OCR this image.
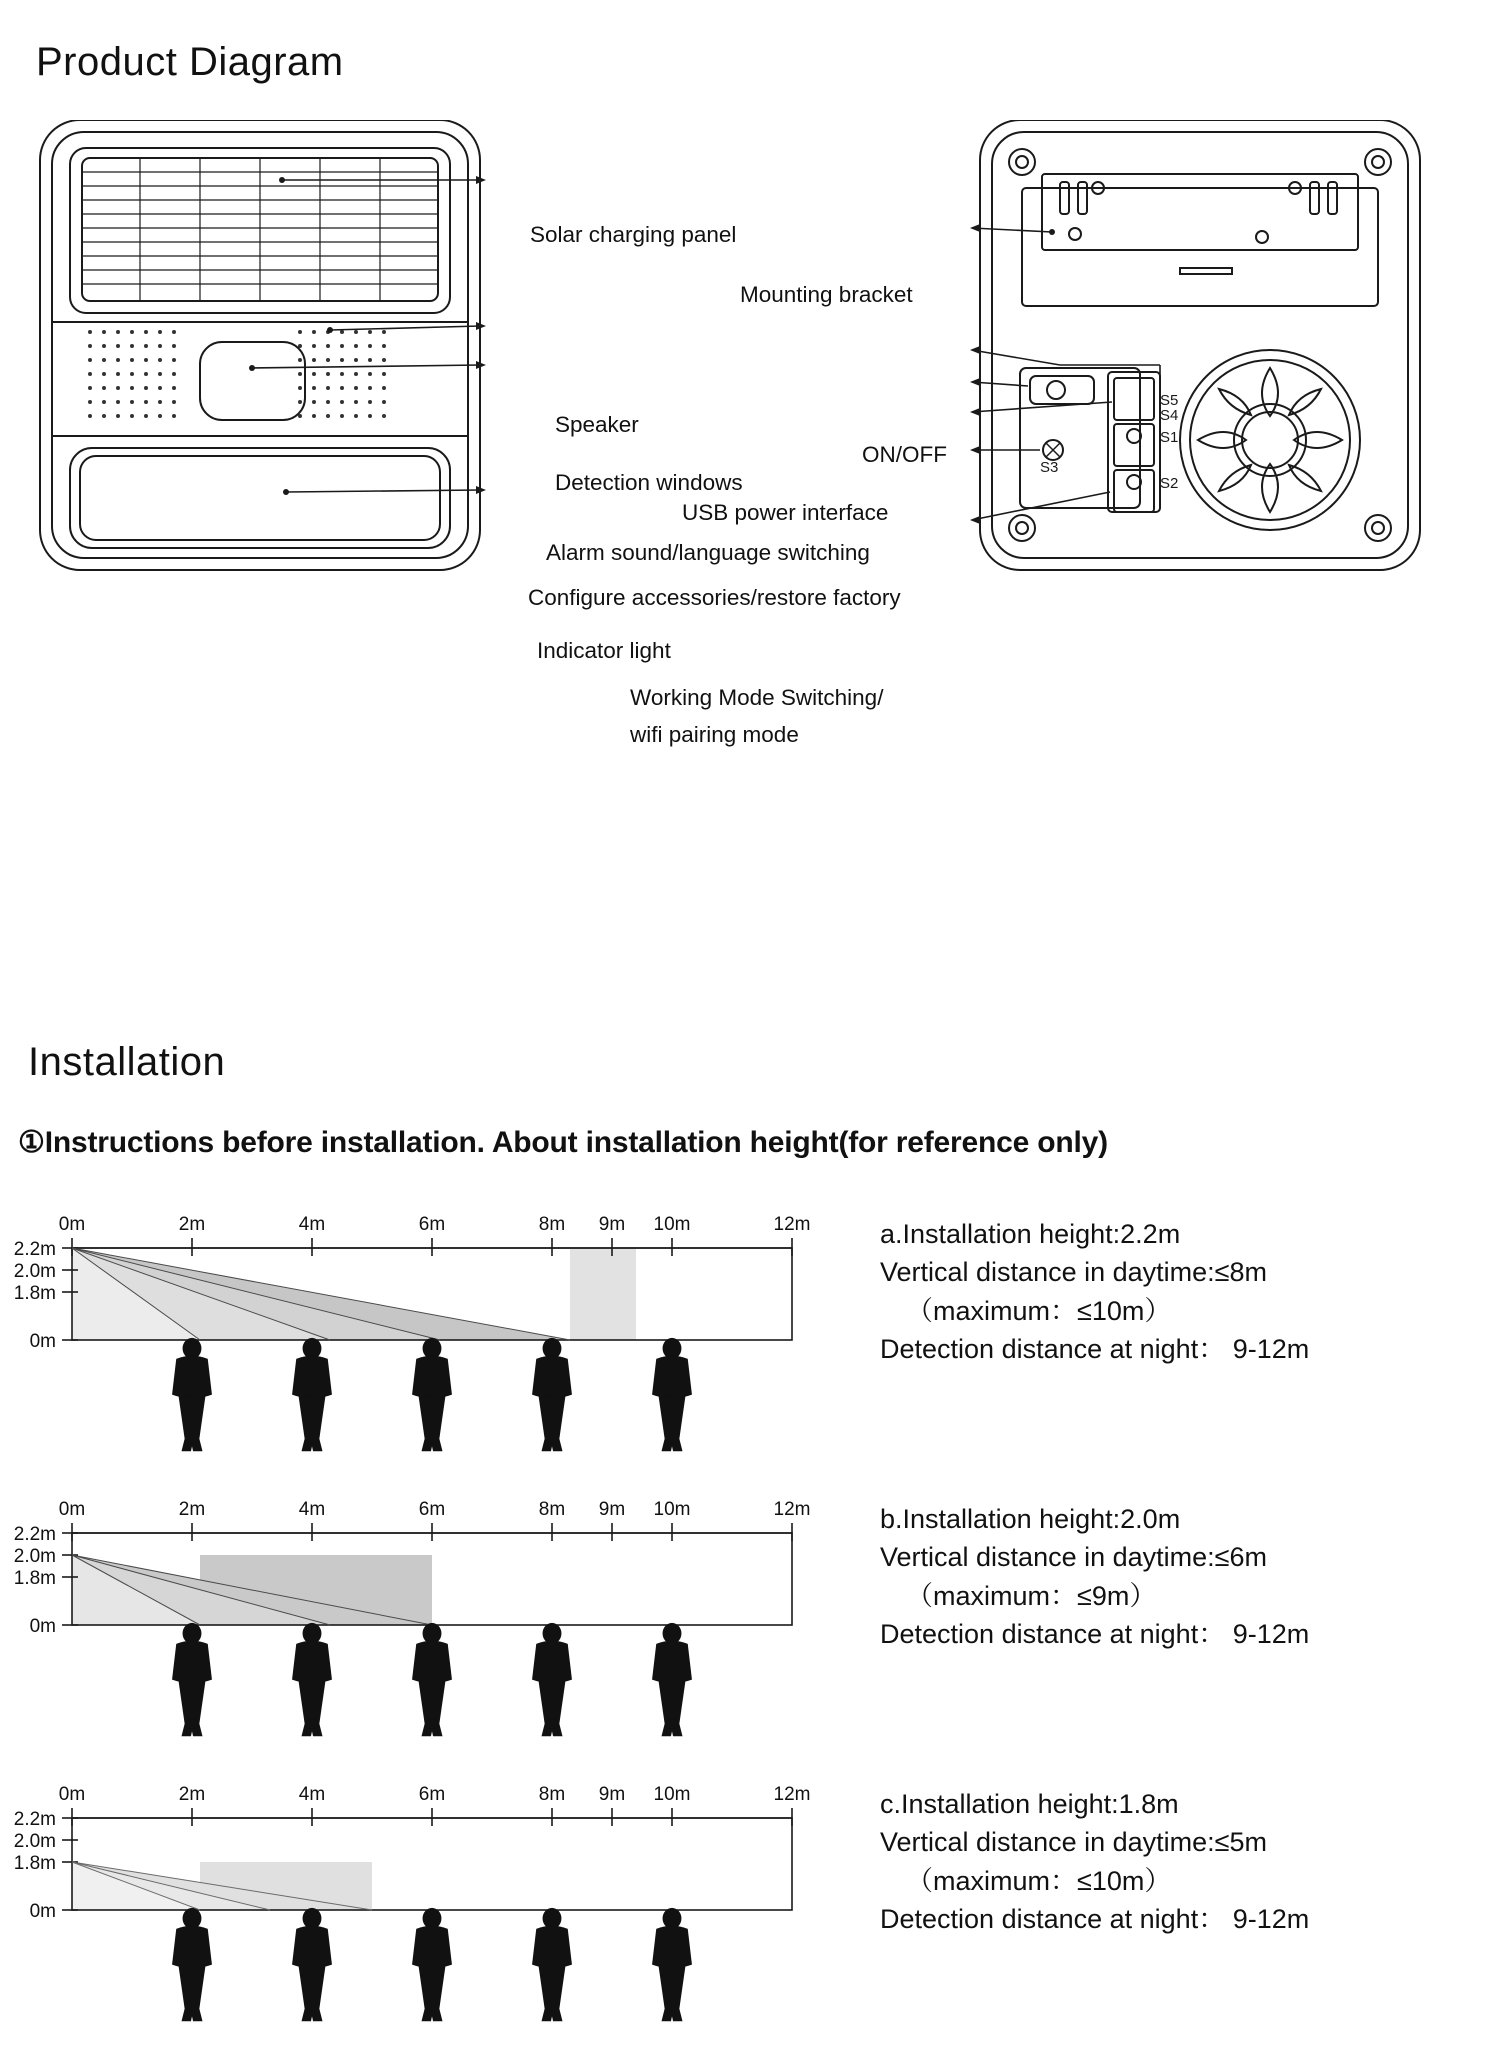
Product Diagram
S5
S4
S1
S2
S3
Solar charging panel
Speaker
Detection windows
Indicator light
Mounting bracket
ON/OFF
USB power interface
Alarm sound/language switching
Configure accessories/restore factory
Working Mode Switching/
wifi pairing mode
Installation
①Instructions before installation. About installation height(for reference only)
0m	2m	4m	6m	8m 9m 10m	12m
2.2m
2.0m
1.8m
0m
a.Installation height:2.2m
Vertical distance in daytime:≤8m
（maximum：≤10m）
Detection distance at night： 9-12m
0m	2m	4m	6m	8m 9m 10m	12m
2.2m
2.0m
1.8m
0m
b.Installation height:2.0m
Vertical distance in daytime:≤6m
（maximum：≤9m）
Detection distance at night： 9-12m
0m	2m	4m	6m	8m 9m 10m	12m
2.2m
2.0m
1.8m
0m
c.Installation height:1.8m
Vertical distance in daytime:≤5m
（maximum：≤10m）
Detection distance at night： 9-12m
